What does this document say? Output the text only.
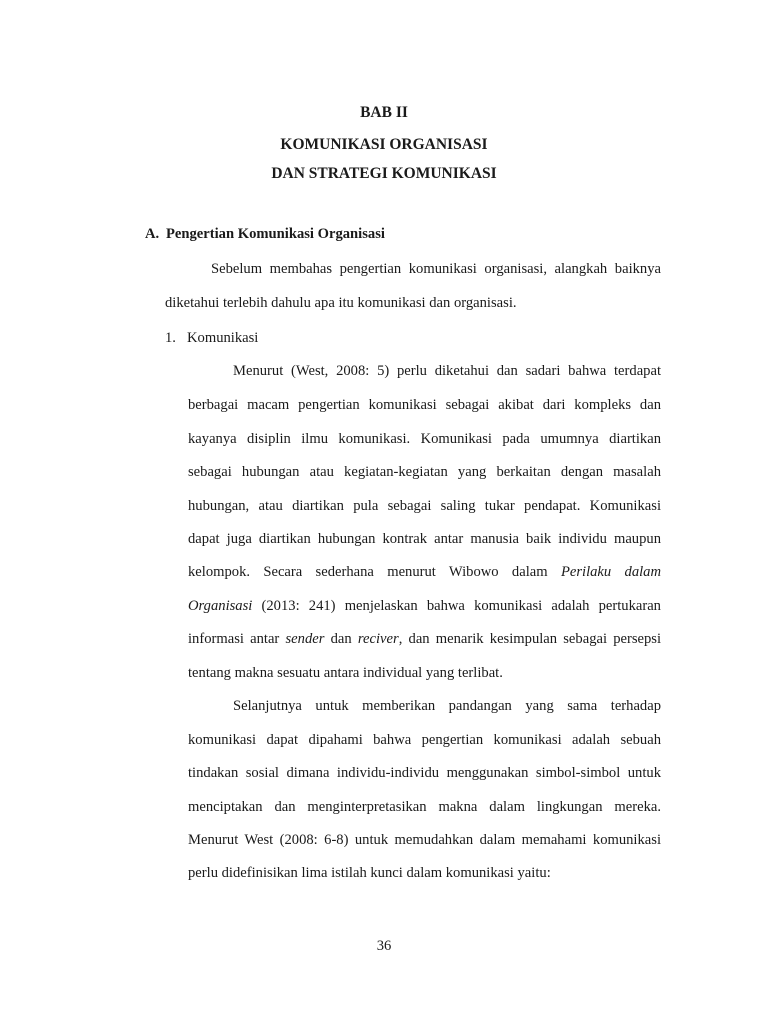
BAB II

KOMUNIKASI ORGANISASI

DAN STRATEGI KOMUNIKASI

A. Pengertian Komunikasi Organisasi

Sebelum membahas pengertian komunikasi organisasi, alangkah baiknya

diketahui terlebih dahulu apa itu komunikasi dan organisasi.

1. Komunikasi

Menurut (West, 2008: 5) perlu diketahui dan sadari bahwa terdapat

berbagai macam pengertian komunikasi sebagai akibat dari kompleks dan

kayanya disiplin ilmu komunikasi. Komunikasi pada umumnya diartikan

sebagai hubungan atau kegiatan-kegiatan yang berkaitan dengan masalah

hubungan, atau diartikan pula sebagai saling tukar pendapat. Komunikasi

dapat juga diartikan hubungan kontrak antar manusia baik individu maupun

kelompok. Secara sederhana menurut Wibowo dalam Perilaku dalam

Organisasi (2013: 241) menjelaskan bahwa komunikasi adalah pertukaran

informasi antar sender dan reciver, dan menarik kesimpulan sebagai persepsi

tentang makna sesuatu antara individual yang terlibat.

Selanjutnya untuk memberikan pandangan yang sama terhadap

komunikasi dapat dipahami bahwa pengertian komunikasi adalah sebuah

tindakan sosial dimana individu-individu menggunakan simbol-simbol untuk

menciptakan dan menginterpretasikan makna dalam lingkungan mereka.

Menurut West (2008: 6-8) untuk memudahkan dalam memahami komunikasi

perlu didefinisikan lima istilah kunci dalam komunikasi yaitu:

36
